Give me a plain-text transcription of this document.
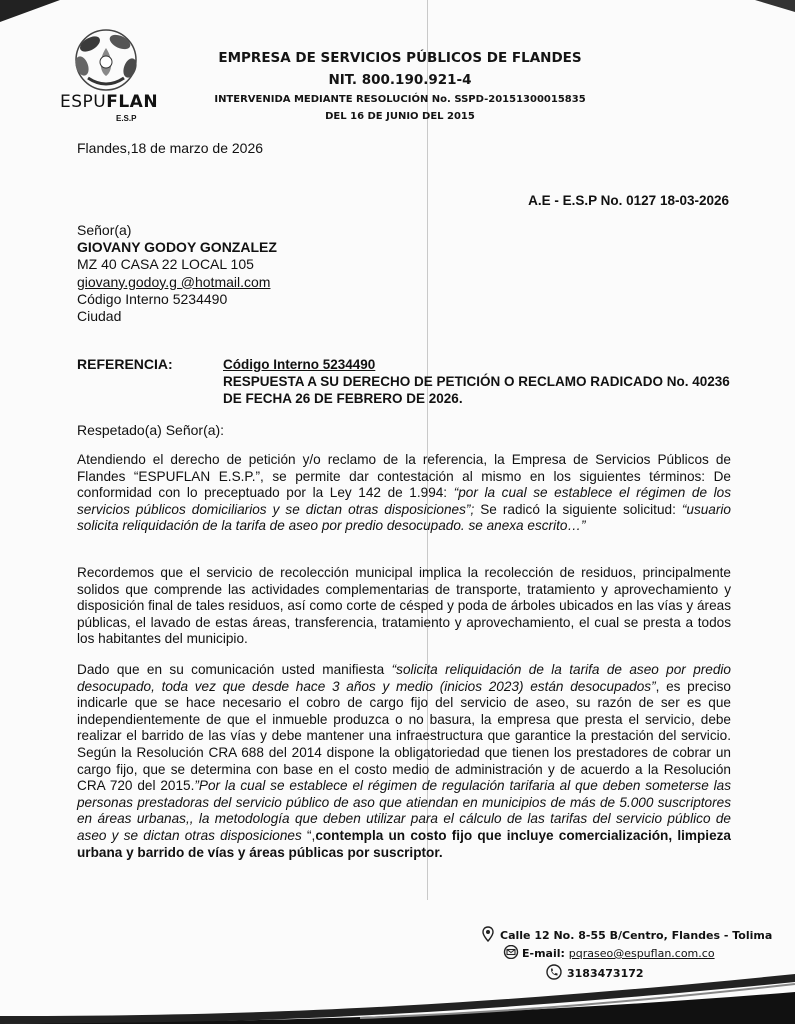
ESPUFLAN
E.S.P
EMPRESA DE SERVICIOS PÚBLICOS DE FLANDES
NIT. 800.190.921-4
INTERVENIDA MEDIANTE RESOLUCIÓN No. SSPD-20151300015835
DEL 16 DE JUNIO DEL 2015
Flandes,18 de marzo de 2026
A.E - E.S.P No. 0127 18-03-2026
Señor(a)
GIOVANY GODOY GONZALEZ
MZ 40 CASA 22 LOCAL 105
giovany.godoy.g @hotmail.com
Código Interno 5234490
Ciudad
REFERENCIA:	Código Interno 5234490
RESPUESTA A SU DERECHO DE PETICIÓN O RECLAMO RADICADO No. 40236 DE FECHA 26 DE FEBRERO DE 2026.
Respetado(a) Señor(a):
Atendiendo el derecho de petición y/o reclamo de la referencia, la Empresa de Servicios Públicos de Flandes “ESPUFLAN E.S.P.”, se permite dar contestación al mismo en los siguientes términos: De conformidad con lo preceptuado por la Ley 142 de 1.994: “por la cual se establece el régimen de los servicios públicos domiciliarios y se dictan otras disposiciones”; Se radicó la siguiente solicitud: “usuario solicita reliquidación de la tarifa de aseo por predio desocupado. se anexa escrito…”
Recordemos que el servicio de recolección municipal implica la recolección de residuos, principalmente solidos que comprende las actividades complementarias de transporte, tratamiento y aprovechamiento y disposición final de tales residuos, así como corte de césped y poda de árboles ubicados en las vías y áreas públicas, el lavado de estas áreas, transferencia, tratamiento y aprovechamiento, el cual se presta a todos los habitantes del municipio.
Dado que en su comunicación usted manifiesta “solicita reliquidación de la tarifa de aseo por predio desocupado, toda vez que desde hace 3 años y medio (inicios 2023) están desocupados”, es preciso indicarle que se hace necesario el cobro de cargo fijo del servicio de aseo, su razón de ser es que independientemente de que el inmueble produzca o no basura, la empresa que presta el servicio, debe realizar el barrido de las vías y debe mantener una infraestructura que garantice la prestación del servicio. Según la Resolución CRA 688 del 2014 dispone la obligatoriedad que tienen los prestadores de cobrar un cargo fijo, que se determina con base en el costo medio de administración y de acuerdo a la Resolución CRA 720 del 2015.”Por la cual se establece el régimen de regulación tarifaria al que deben someterse las personas prestadoras del servicio público de aso que atiendan en municipios de más de 5.000 suscriptores en áreas urbanas,, la metodología que deben utilizar para el cálculo de las tarifas del servicio público de aseo y se dictan otras disposiciones “,contempla un costo fijo que incluye comercialización, limpieza urbana y barrido de vías y áreas públicas por suscriptor.
Calle 12 No. 8-55 B/Centro, Flandes - Tolima
E-mail: pqraseo@espuflan.com.co
3183473172
